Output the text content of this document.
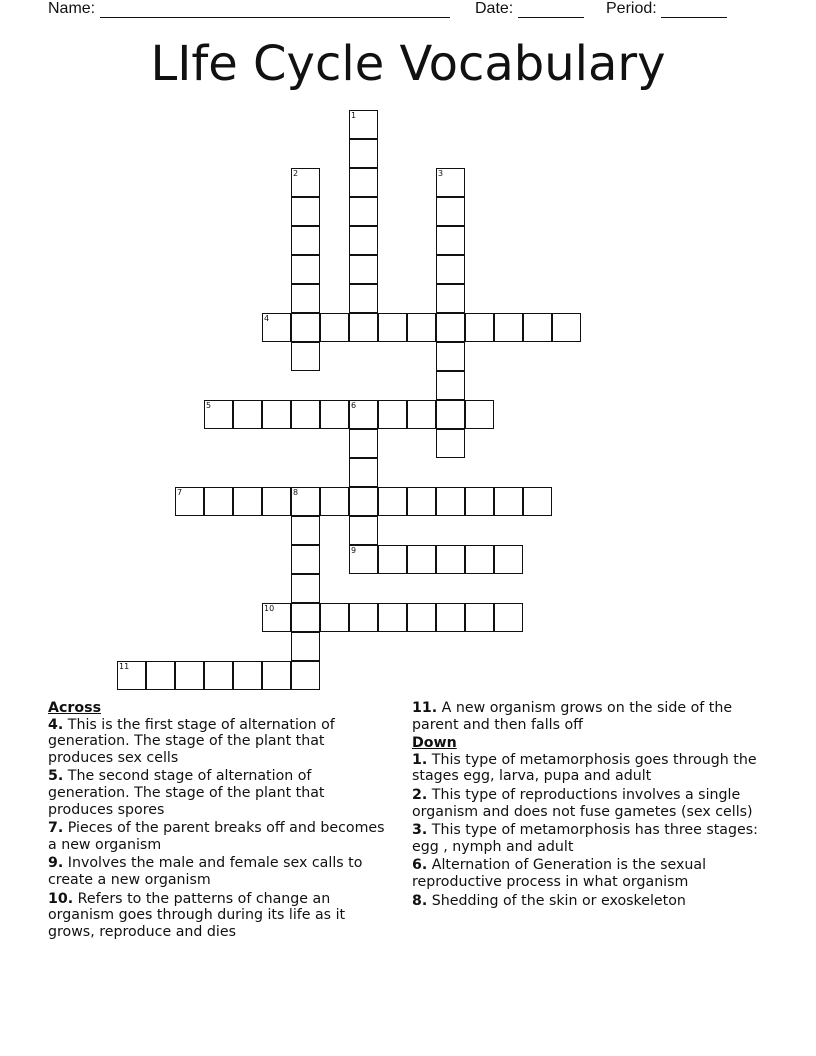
Name:	Date:	Period:
LIfe Cycle Vocabulary
1
2	3
4
5	6
7	8
9
10
11
Across
4. This is the first stage of alternation of generation. The stage of the plant that produces sex cells
5. The second stage of alternation of generation. The stage of the plant that produces spores
7. Pieces of the parent breaks off and becomes a new organism
9. Involves the male and female sex calls to create a new organism
10. Refers to the patterns of change an organism goes through during its life as it grows, reproduce and dies
11. A new organism grows on the side of the parent and then falls off
Down
1. This type of metamorphosis goes through the stages egg, larva, pupa and adult
2. This type of reproductions involves a single organism and does not fuse gametes (sex cells)
3. This type of metamorphosis has three stages: egg , nymph and adult
6. Alternation of Generation is the sexual reproductive process in what organism
8. Shedding of the skin or exoskeleton
